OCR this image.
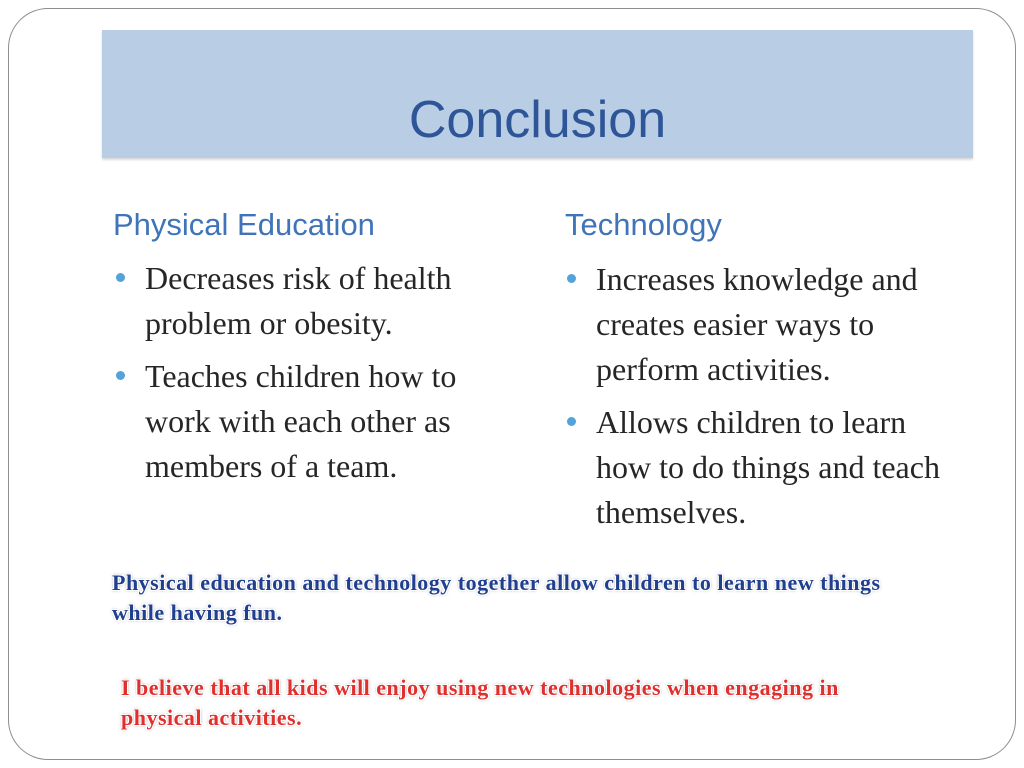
Conclusion
Physical Education	Technology
Decreases risk of health
problem or obesity.
Teaches children how to
work with each other as
members of a team.
Increases knowledge and
creates easier ways to
perform activities.
Allows children to learn
how to do things and teach
themselves.

Physical education and technology together allow children to learn new things
while having fun.

I believe that all kids will enjoy using new technologies when engaging in
physical activities.
